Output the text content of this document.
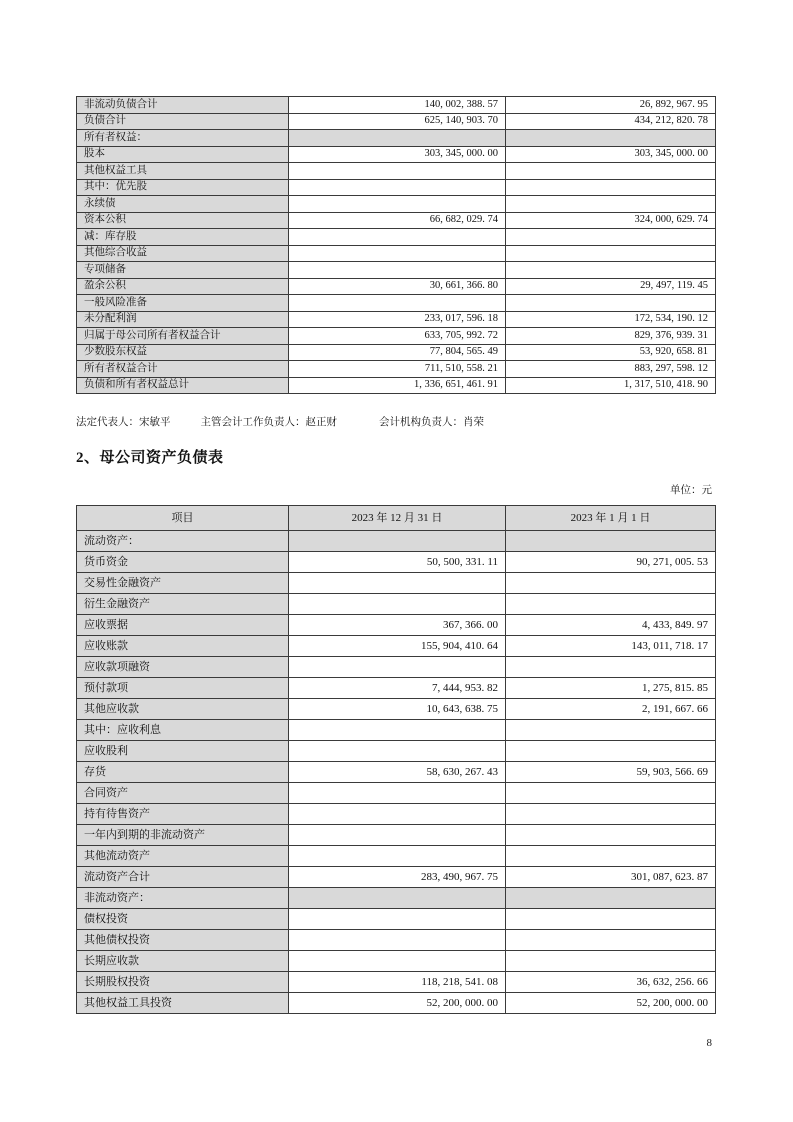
非流动负债合计	140, 002, 388. 57	26, 892, 967. 95
负债合计	625, 140, 903. 70	434, 212, 820. 78
所有者权益：		
股本	303, 345, 000. 00	303, 345, 000. 00
其他权益工具		
其中：优先股		
永续债		
资本公积	66, 682, 029. 74	324, 000, 629. 74
减：库存股		
其他综合收益		
专项储备		
盈余公积	30, 661, 366. 80	29, 497, 119. 45
一般风险准备		
未分配利润	233, 017, 596. 18	172, 534, 190. 12
归属于母公司所有者权益合计	633, 705, 992. 72	829, 376, 939. 31
少数股东权益	77, 804, 565. 49	53, 920, 658. 81
所有者权益合计	711, 510, 558. 21	883, 297, 598. 12
负债和所有者权益总计	1, 336, 651, 461. 91	1, 317, 510, 418. 90
法定代表人：宋敏平	主管会计工作负责人：赵正财	会计机构负责人：肖荣
2、母公司资产负债表
单位：元
项目	2023 年 12 月 31 日	2023 年 1 月 1 日
流动资产：		
货币资金	50, 500, 331. 11	90, 271, 005. 53
交易性金融资产		
衍生金融资产		
应收票据	367, 366. 00	4, 433, 849. 97
应收账款	155, 904, 410. 64	143, 011, 718. 17
应收款项融资		
预付款项	7, 444, 953. 82	1, 275, 815. 85
其他应收款	10, 643, 638. 75	2, 191, 667. 66
其中：应收利息		
应收股利		
存货	58, 630, 267. 43	59, 903, 566. 69
合同资产		
持有待售资产		
一年内到期的非流动资产		
其他流动资产		
流动资产合计	283, 490, 967. 75	301, 087, 623. 87
非流动资产：		
债权投资		
其他债权投资		
长期应收款		
长期股权投资	118, 218, 541. 08	36, 632, 256. 66
其他权益工具投资	52, 200, 000. 00	52, 200, 000. 00
8
